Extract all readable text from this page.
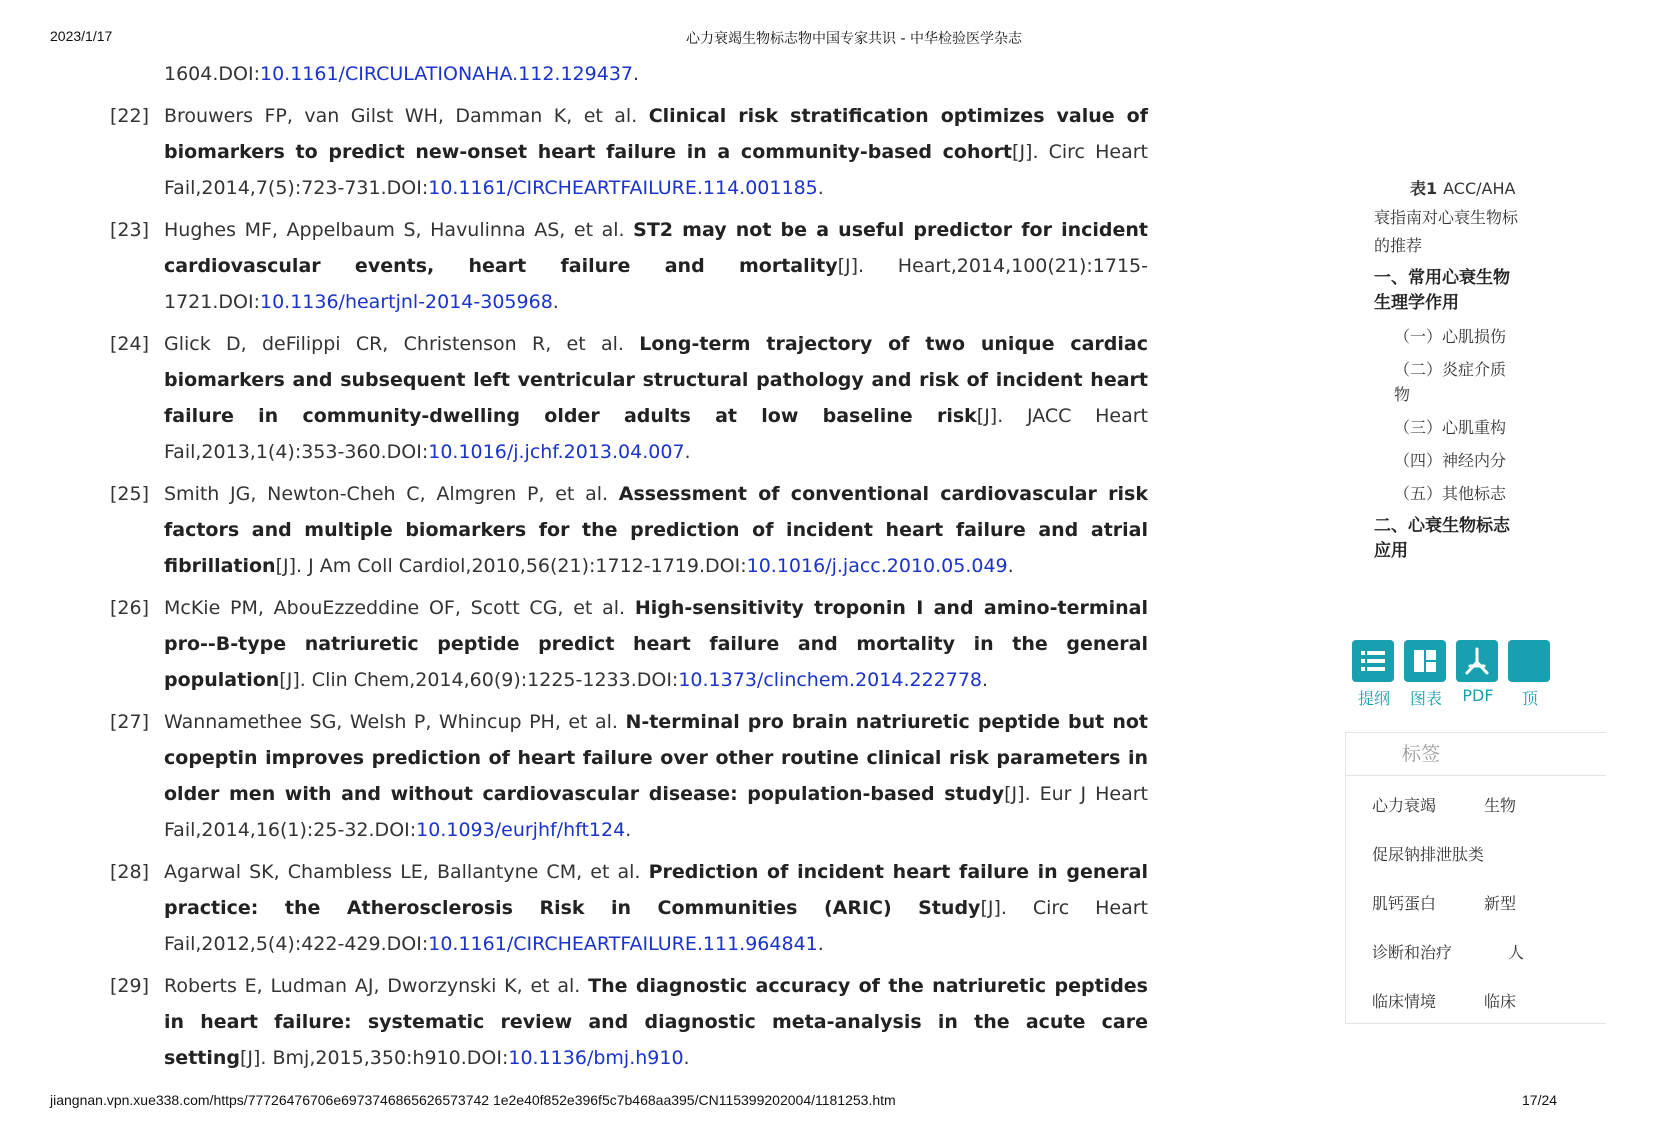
2023/1/17	心力衰竭生物标志物中国专家共识 - 中华检验医学杂志
1604.DOI:10.1161/CIRCULATIONAHA.112.129437.
[22] Brouwers FP, van Gilst WH, Damman K, et al. Clinical risk stratification optimizes value of biomarkers to predict new-onset heart failure in a community-based cohort[J]. Circ Heart Fail,2014,7(5):723-731.DOI:10.1161/CIRCHEARTFAILURE.114.001185.
[23] Hughes MF, Appelbaum S, Havulinna AS, et al. ST2 may not be a useful predictor for incident cardiovascular events, heart failure and mortality[J]. Heart,2014,100(21):1715-1721.DOI:10.1136/heartjnl-2014-305968.
[24] Glick D, deFilippi CR, Christenson R, et al. Long-term trajectory of two unique cardiac biomarkers and subsequent left ventricular structural pathology and risk of incident heart failure in community-dwelling older adults at low baseline risk[J]. JACC Heart Fail,2013,1(4):353-360.DOI:10.1016/j.jchf.2013.04.007.
[25] Smith JG, Newton-Cheh C, Almgren P, et al. Assessment of conventional cardiovascular risk factors and multiple biomarkers for the prediction of incident heart failure and atrial fibrillation[J]. J Am Coll Cardiol,2010,56(21):1712-1719.DOI:10.1016/j.jacc.2010.05.049.
[26] McKie PM, AbouEzzeddine OF, Scott CG, et al. High-sensitivity troponin I and amino-terminal pro--B-type natriuretic peptide predict heart failure and mortality in the general population[J]. Clin Chem,2014,60(9):1225-1233.DOI:10.1373/clinchem.2014.222778.
[27] Wannamethee SG, Welsh P, Whincup PH, et al. N-terminal pro brain natriuretic peptide but not copeptin improves prediction of heart failure over other routine clinical risk parameters in older men with and without cardiovascular disease: population-based study[J]. Eur J Heart Fail,2014,16(1):25-32.DOI:10.1093/eurjhf/hft124.
[28] Agarwal SK, Chambless LE, Ballantyne CM, et al. Prediction of incident heart failure in general practice: the Atherosclerosis Risk in Communities (ARIC) Study[J]. Circ Heart Fail,2012,5(4):422-429.DOI:10.1161/CIRCHEARTFAILURE.111.964841.
[29] Roberts E, Ludman AJ, Dworzynski K, et al. The diagnostic accuracy of the natriuretic peptides in heart failure: systematic review and diagnostic meta-analysis in the acute care setting[J]. Bmj,2015,350:h910.DOI:10.1136/bmj.h910.
表1 ACC/AHA
衰指南对心衰生物标
的推荐
一、常用心衰生物
生理学作用
（一）心肌损伤
（二）炎症介质
物
（三）心肌重构
（四）神经内分
（五）其他标志
二、心衰生物标志
应用
提纲	图表	PDF	顶
标签
心力衰竭	生物
促尿钠排泄肽类
肌钙蛋白	新型
诊断和治疗	人
临床情境	临床
jiangnan.vpn.xue338.com/https/77726476706e6973746865626573742 1e2e40f852e396f5c7b468aa395/CN115399202004/1181253.htm	17/24
